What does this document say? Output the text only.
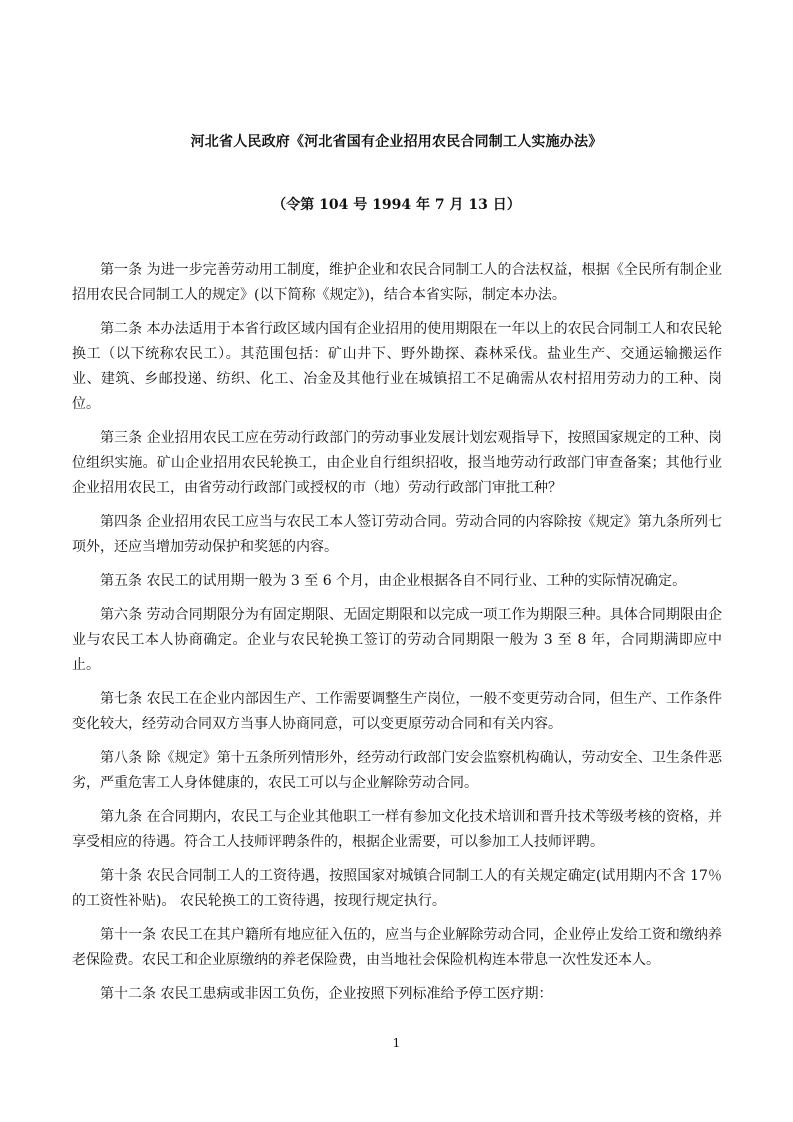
河北省人民政府《河北省国有企业招用农民合同制工人实施办法》
（令第 104 号 1994 年 7 月 13 日）

第一条 为进一步完善劳动用工制度，维护企业和农民合同制工人的合法权益，根据《全民所有制企业招用农民合同制工人的规定》(以下简称《规定》)，结合本省实际，制定本办法。

第二条 本办法适用于本省行政区域内国有企业招用的使用期限在一年以上的农民合同制工人和农民轮换工（以下统称农民工）。其范围包括：矿山井下、野外勘探、森林采伐。盐业生产、交通运输搬运作业、建筑、乡邮投递、纺织、化工、冶金及其他行业在城镇招工不足确需从农村招用劳动力的工种、岗位。

第三条 企业招用农民工应在劳动行政部门的劳动事业发展计划宏观指导下，按照国家规定的工种、岗位组织实施。矿山企业招用农民轮换工，由企业自行组织招收，报当地劳动行政部门审查备案；其他行业企业招用农民工，由省劳动行政部门或授权的市（地）劳动行政部门审批工种？

第四条 企业招用农民工应当与农民工本人签订劳动合同。劳动合同的内容除按《规定》第九条所列七项外，还应当增加劳动保护和奖惩的内容。

第五条 农民工的试用期一般为 3 至 6 个月，由企业根据各自不同行业、工种的实际情况确定。

第六条 劳动合同期限分为有固定期限、无固定期限和以完成一项工作为期限三种。具体合同期限由企业与农民工本人协商确定。企业与农民轮换工签订的劳动合同期限一般为 3 至 8 年，合同期满即应中止。

第七条 农民工在企业内部因生产、工作需要调整生产岗位，一般不变更劳动合同，但生产、工作条件变化较大，经劳动合同双方当事人协商同意，可以变更原劳动合同和有关内容。

第八条 除《规定》第十五条所列情形外，经劳动行政部门安会监察机构确认，劳动安全、卫生条件恶劣，严重危害工人身体健康的，农民工可以与企业解除劳动合同。

第九条 在合同期内，农民工与企业其他职工一样有参加文化技术培训和晋升技术等级考核的资格，并享受相应的待遇。符合工人技师评聘条件的，根据企业需要，可以参加工人技师评聘。

第十条 农民合同制工人的工资待遇，按照国家对城镇合同制工人的有关规定确定(试用期内不含 17％的工资性补贴)。 农民轮换工的工资待遇，按现行规定执行。

第十一条 农民工在其户籍所有地应征入伍的，应当与企业解除劳动合同，企业停止发给工资和缴纳养老保险费。农民工和企业原缴纳的养老保险费，由当地社会保险机构连本带息一次性发还本人。

第十二条 农民工患病或非因工负伤，企业按照下列标准给予停工医疗期：

1
